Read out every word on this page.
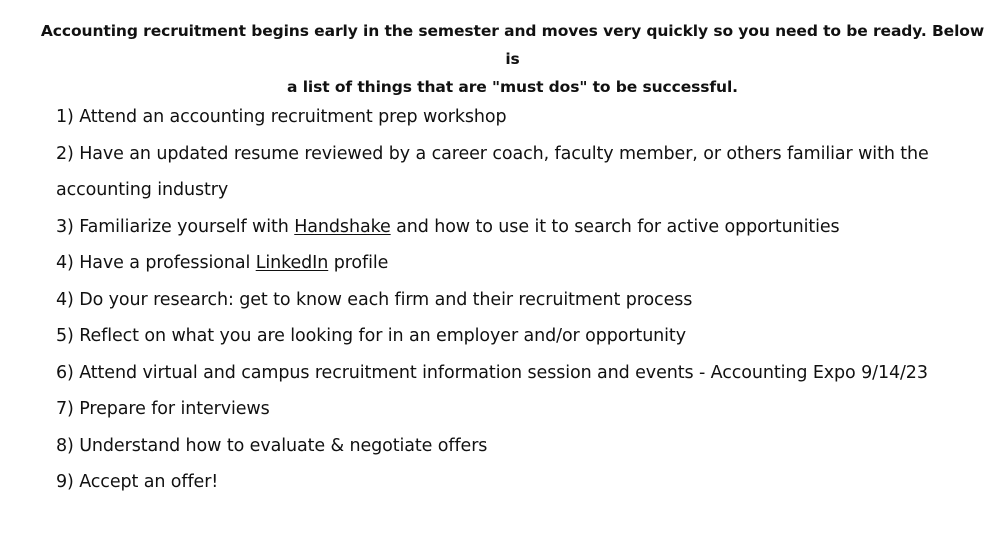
Accounting recruitment begins early in the semester and moves very quickly so you need to be ready. Below is
a list of things that are "must dos" to be successful.
1) Attend an accounting recruitment prep workshop
2) Have an updated resume reviewed by a career coach, faculty member, or others familiar with the accounting industry
3) Familiarize yourself with Handshake and how to use it to search for active opportunities
4) Have a professional LinkedIn profile
4) Do your research: get to know each firm and their recruitment process
5) Reflect on what you are looking for in an employer and/or opportunity
6) Attend virtual and campus recruitment information session and events - Accounting Expo 9/14/23
7) Prepare for interviews
8) Understand how to evaluate & negotiate offers
9) Accept an offer!
